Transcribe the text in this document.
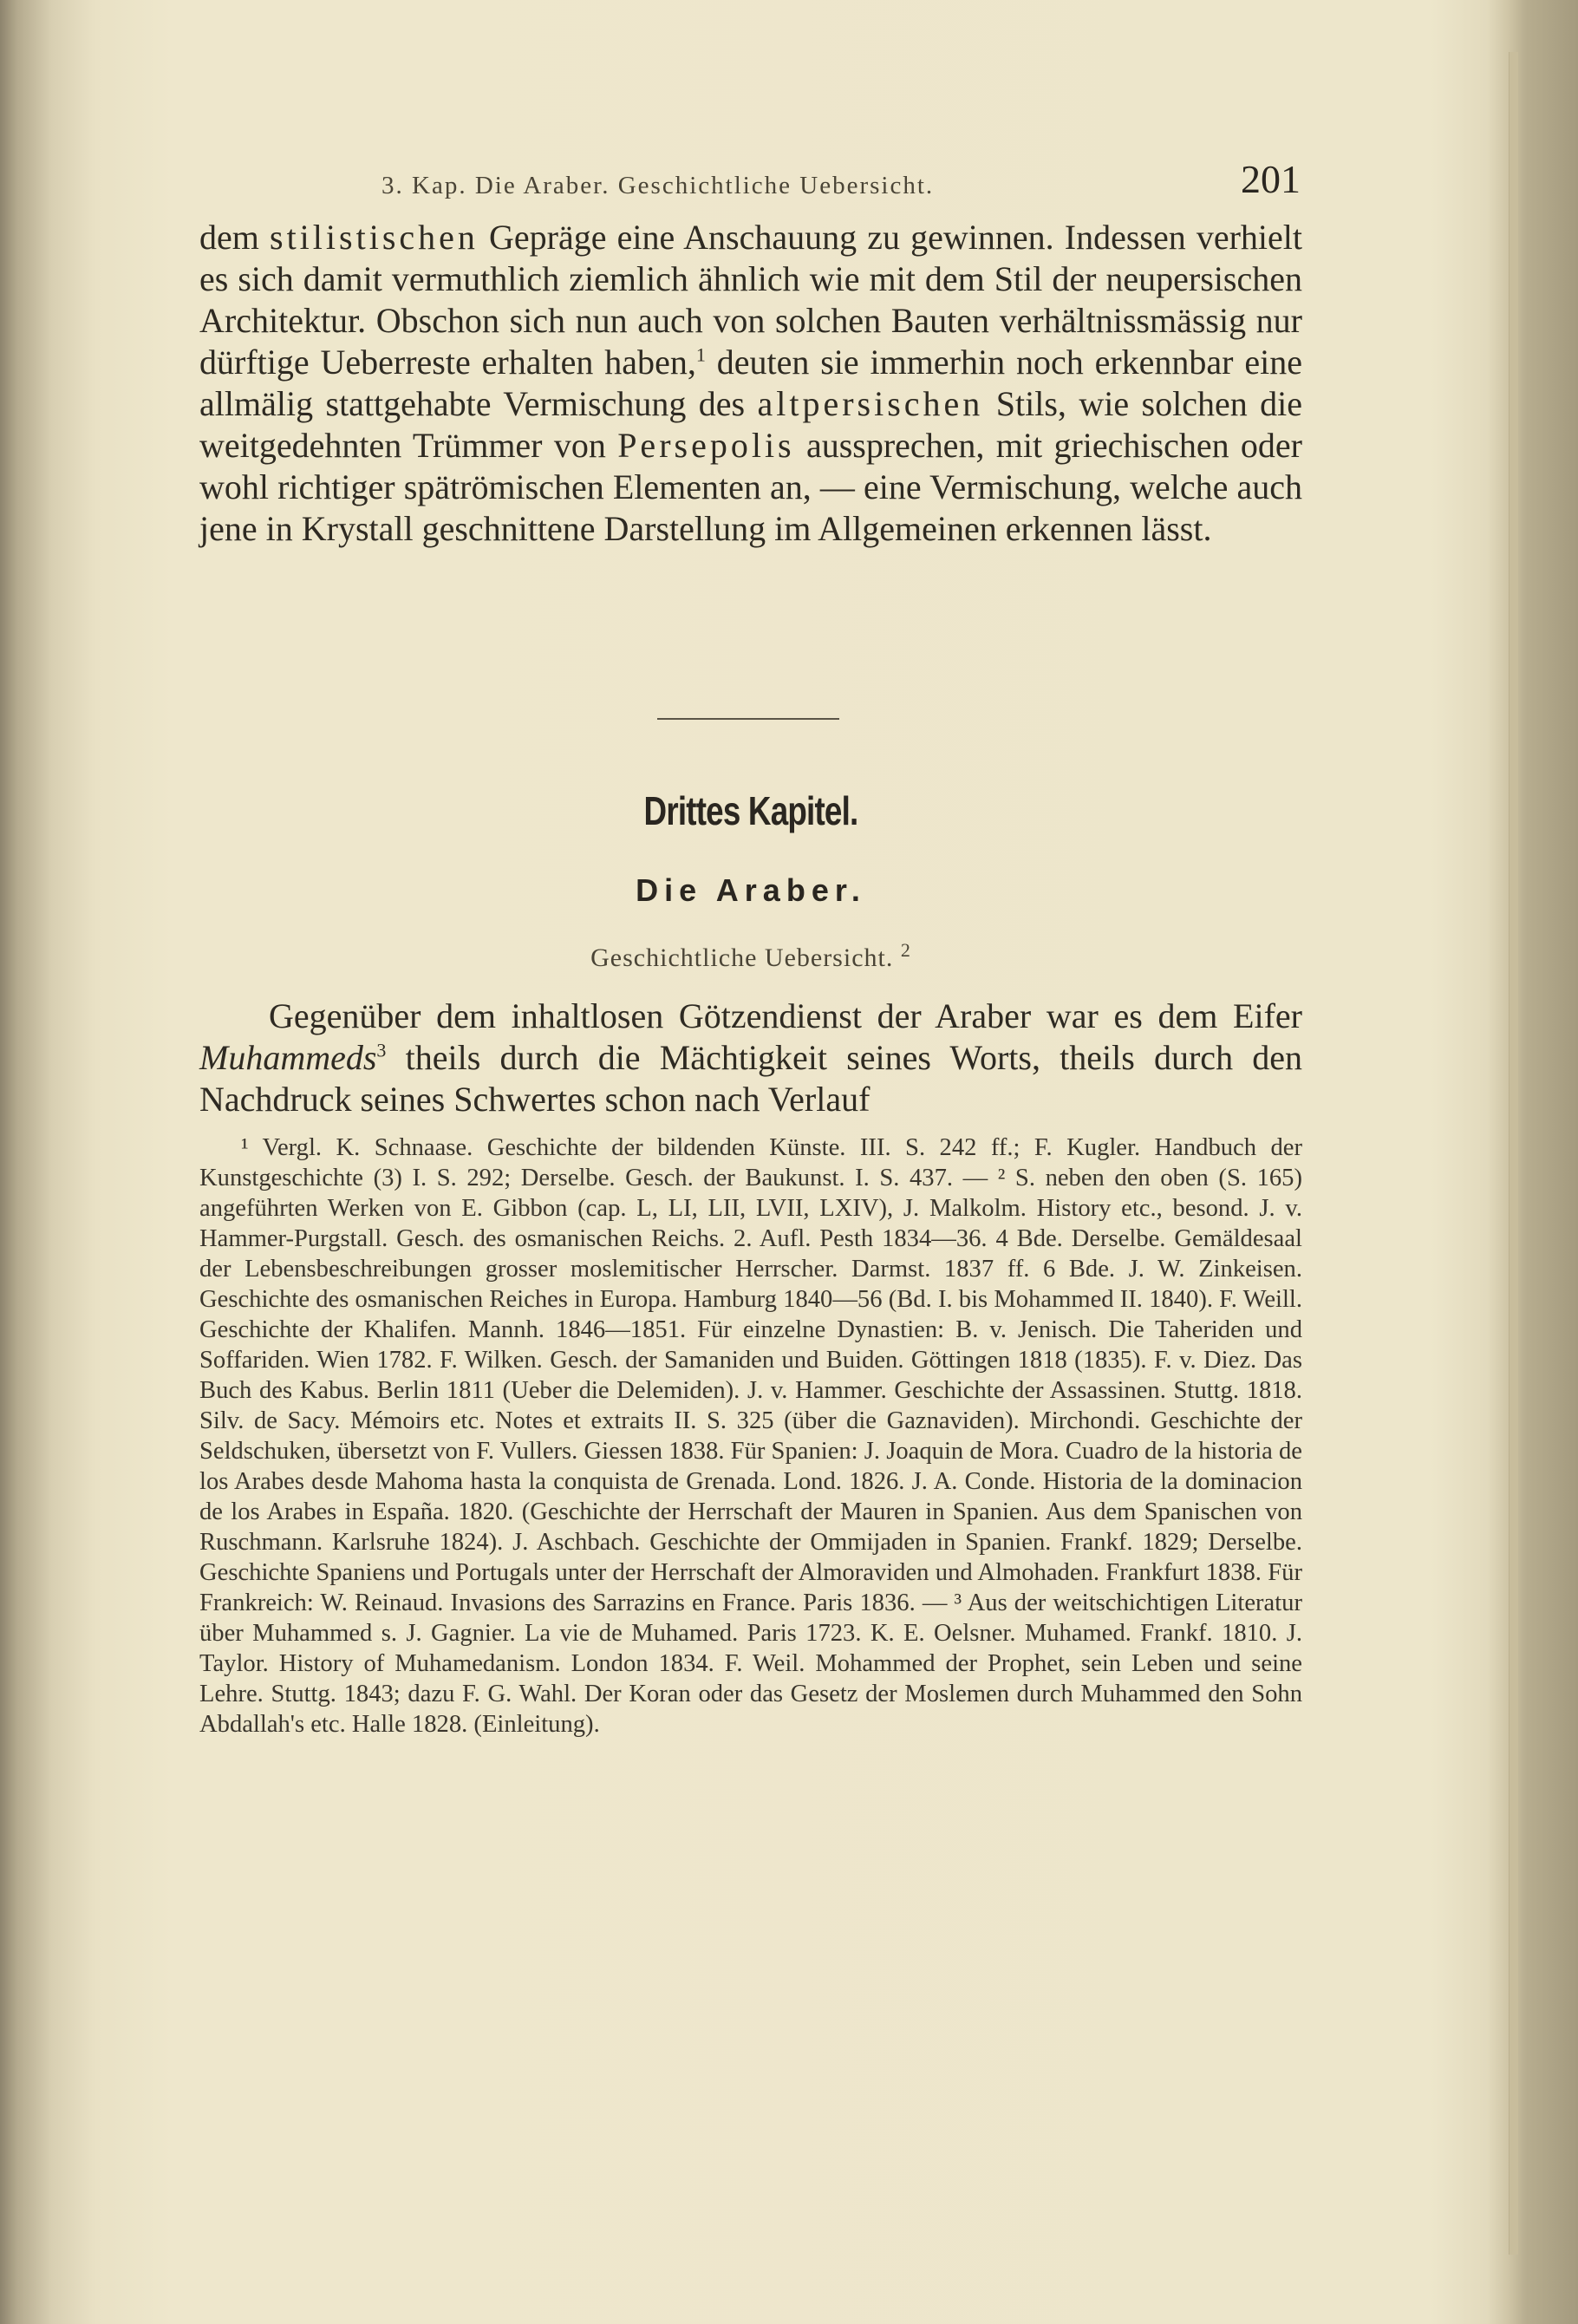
3. Kap. Die Araber. Geschichtliche Uebersicht.	201

dem stilistischen Gepräge eine Anschauung zu gewinnen. Indessen verhielt es sich damit vermuthlich ziemlich ähnlich wie mit dem Stil der neupersischen Architektur. Obschon sich nun auch von solchen Bauten verhältnissmässig nur dürftige Ueberreste erhalten haben,$^1$ deuten sie immerhin noch erkennbar eine allmälig stattgehabte Vermischung des altpersischen Stils, wie solchen die weitgedehnten Trümmer von Persepolis aussprechen, mit griechischen oder wohl richtiger spätrömischen Elementen an, — eine Vermischung, welche auch jene in Krystall geschnittene Darstellung im Allgemeinen erkennen lässt.

Drittes Kapitel.
Die Araber.
Geschichtliche Uebersicht. $^2$

Gegenüber dem inhaltlosen Götzendienst der Araber war es dem Eifer Muhammeds$^3$ theils durch die Mächtigkeit seines Worts, theils durch den Nachdruck seines Schwertes schon nach Verlauf

¹ Vergl. K. Schnaase. Geschichte der bildenden Künste. III. S. 242 ff.; F. Kugler. Handbuch der Kunstgeschichte (3) I. S. 292; Derselbe. Gesch. der Baukunst. I. S. 437. — ² S. neben den oben (S. 165) angeführten Werken von E. Gibbon (cap. L, LI, LII, LVII, LXIV), J. Malkolm. History etc., besond. J. v. Hammer-Purgstall. Gesch. des osmanischen Reichs. 2. Aufl. Pesth 1834—36. 4 Bde. Derselbe. Gemäldesaal der Lebensbeschreibungen grosser moslemitischer Herrscher. Darmst. 1837 ff. 6 Bde. J. W. Zinkeisen. Geschichte des osmanischen Reiches in Europa. Hamburg 1840—56 (Bd. I. bis Mohammed II. 1840). F. Weill. Geschichte der Khalifen. Mannh. 1846—1851. Für einzelne Dynastien: B. v. Jenisch. Die Taheriden und Soffariden. Wien 1782. F. Wilken. Gesch. der Samaniden und Buiden. Göttingen 1818 (1835). F. v. Diez. Das Buch des Kabus. Berlin 1811 (Ueber die Delemiden). J. v. Hammer. Geschichte der Assassinen. Stuttg. 1818. Silv. de Sacy. Mémoirs etc. Notes et extraits II. S. 325 (über die Gaznaviden). Mirchondi. Geschichte der Seldschuken, übersetzt von F. Vullers. Giessen 1838. Für Spanien: J. Joaquin de Mora. Cuadro de la historia de los Arabes desde Mahoma hasta la conquista de Grenada. Lond. 1826. J. A. Conde. Historia de la dominacion de los Arabes in España. 1820. (Geschichte der Herrschaft der Mauren in Spanien. Aus dem Spanischen von Ruschmann. Karlsruhe 1824). J. Aschbach. Geschichte der Ommijaden in Spanien. Frankf. 1829; Derselbe. Geschichte Spaniens und Portugals unter der Herrschaft der Almoraviden und Almohaden. Frankfurt 1838. Für Frankreich: W. Reinaud. Invasions des Sarrazins en France. Paris 1836. — ³ Aus der weitschichtigen Literatur über Muhammed s. J. Gagnier. La vie de Muhamed. Paris 1723. K. E. Oelsner. Muhamed. Frankf. 1810. J. Taylor. History of Muhamedanism. London 1834. F. Weil. Mohammed der Prophet, sein Leben und seine Lehre. Stuttg. 1843; dazu F. G. Wahl. Der Koran oder das Gesetz der Moslemen durch Muhammed den Sohn Abdallah's etc. Halle 1828. (Einleitung).
